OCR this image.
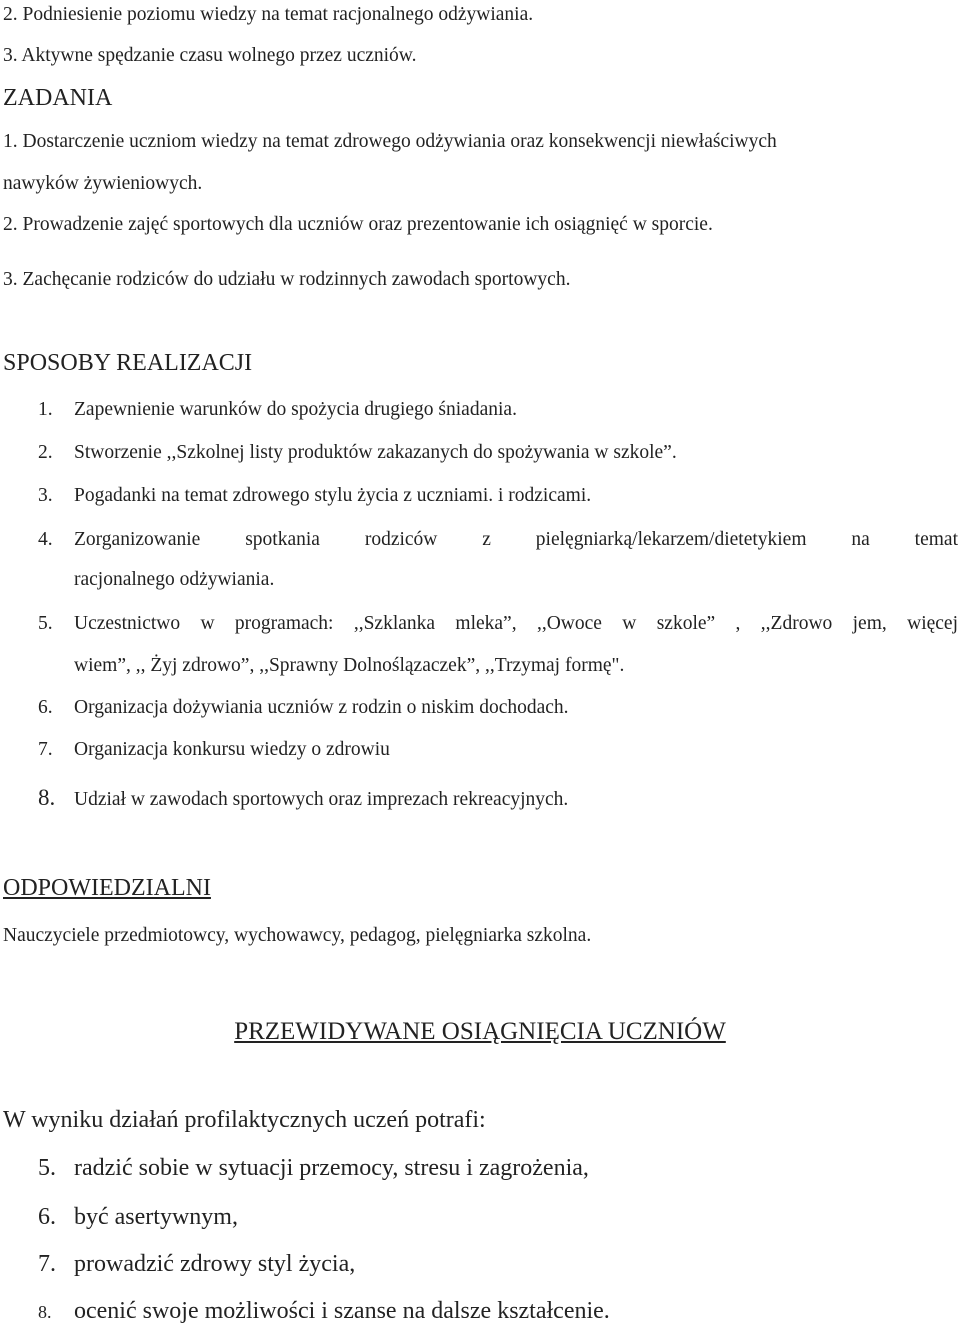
2. Podniesienie poziomu wiedzy na temat racjonalnego odżywiania.
3. Aktywne spędzanie czasu wolnego przez uczniów.
ZADANIA
1. Dostarczenie uczniom wiedzy na temat zdrowego odżywiania oraz konsekwencji niewłaściwych
nawyków żywieniowych.
2. Prowadzenie zajęć sportowych dla uczniów oraz prezentowanie ich osiągnięć w sporcie.
3. Zachęcanie rodziców do udziału w rodzinnych zawodach sportowych.
SPOSOBY REALIZACJI
1. Zapewnienie warunków do spożycia drugiego śniadania.
2. Stworzenie ,,Szkolnej listy produktów zakazanych do spożywania w szkole”.
3. Pogadanki na temat zdrowego stylu życia z uczniami. i rodzicami.
4. Zorganizowanie spotkania rodziców z pielęgniarką/lekarzem/dietetykiem na temat
racjonalnego odżywiania.
5. Uczestnictwo w programach: ,,Szklanka mleka”, ,,Owoce w szkole” , ,,Zdrowo jem, więcej
wiem”, ,, Żyj zdrowo”, ,,Sprawny Dolnoślązaczek”, ,,Trzymaj formę".
6. Organizacja dożywiania uczniów z rodzin o niskim dochodach.
7. Organizacja konkursu wiedzy o zdrowiu
8. Udział w zawodach sportowych oraz imprezach rekreacyjnych.
ODPOWIEDZIALNI
Nauczyciele przedmiotowcy, wychowawcy, pedagog, pielęgniarka szkolna.
PRZEWIDYWANE OSIĄGNIĘCIA UCZNIÓW
W wyniku działań profilaktycznych uczeń potrafi:
5. radzić sobie w sytuacji przemocy, stresu i zagrożenia,
6. być asertywnym,
7. prowadzić zdrowy styl życia,
8. ocenić swoje możliwości i szanse na dalsze kształcenie.
